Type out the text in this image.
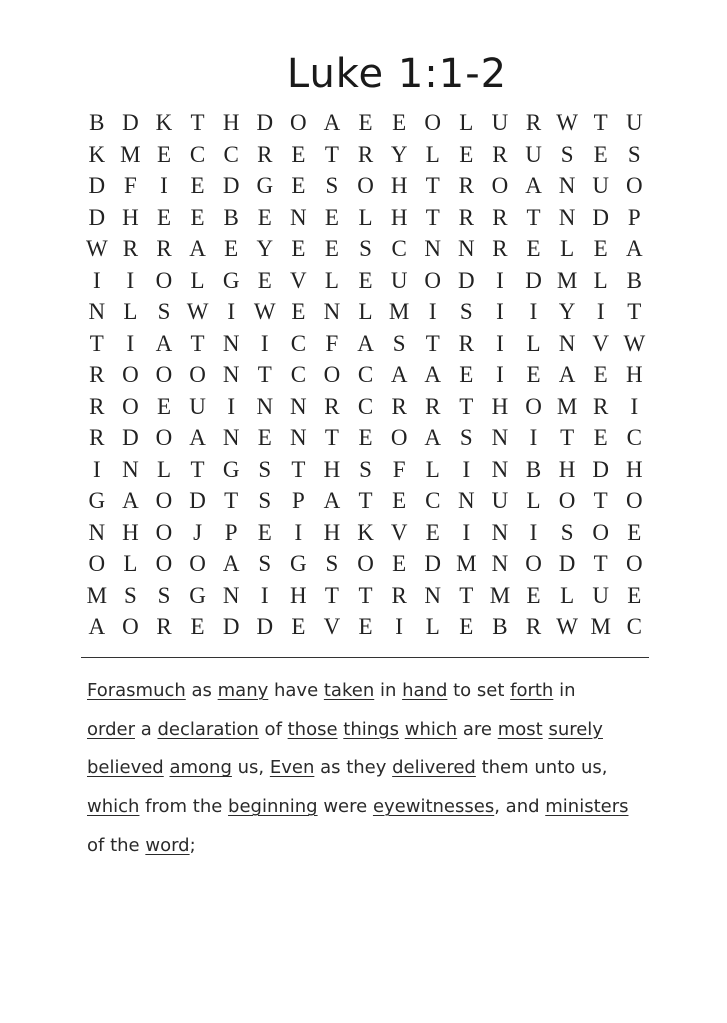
Luke 1:1-2
B D K T H D O A E E O L U R W T U
K M E C C R E T R Y L E R U S E S
D F	I E D G E S O H T R O A N U O
D H E E B E N E L H T R R T N D P
W R R A E Y E E S C N N R E L E A
I	I O L G E V L E U O D I D M L B
N L S W I W E N L M I	S	I	I Y I T
T I A T N I C F A S T R I L N V W
R O O O N T C O C A A E I E A E H
R O E U I N N R C R R T H O M R I
R D O A N E N T E O A S N I T E C
I N L T G S T H S F L I N B H D H
G A O D T S P A T E C N U L O T O
N H O J P E I H K V E I N I	S O E
O L O O A S G S O E D M N O D T O
M S S G N I H T T R N T M E L U E
A O R E D D E V E I L E B R W M C
Forasmuch as many have taken in hand to set forth in
order a declaration of those things which are most surely
believed among us, Even as they delivered them unto us,
which from the beginning were eyewitnesses, and ministers
of the word;
